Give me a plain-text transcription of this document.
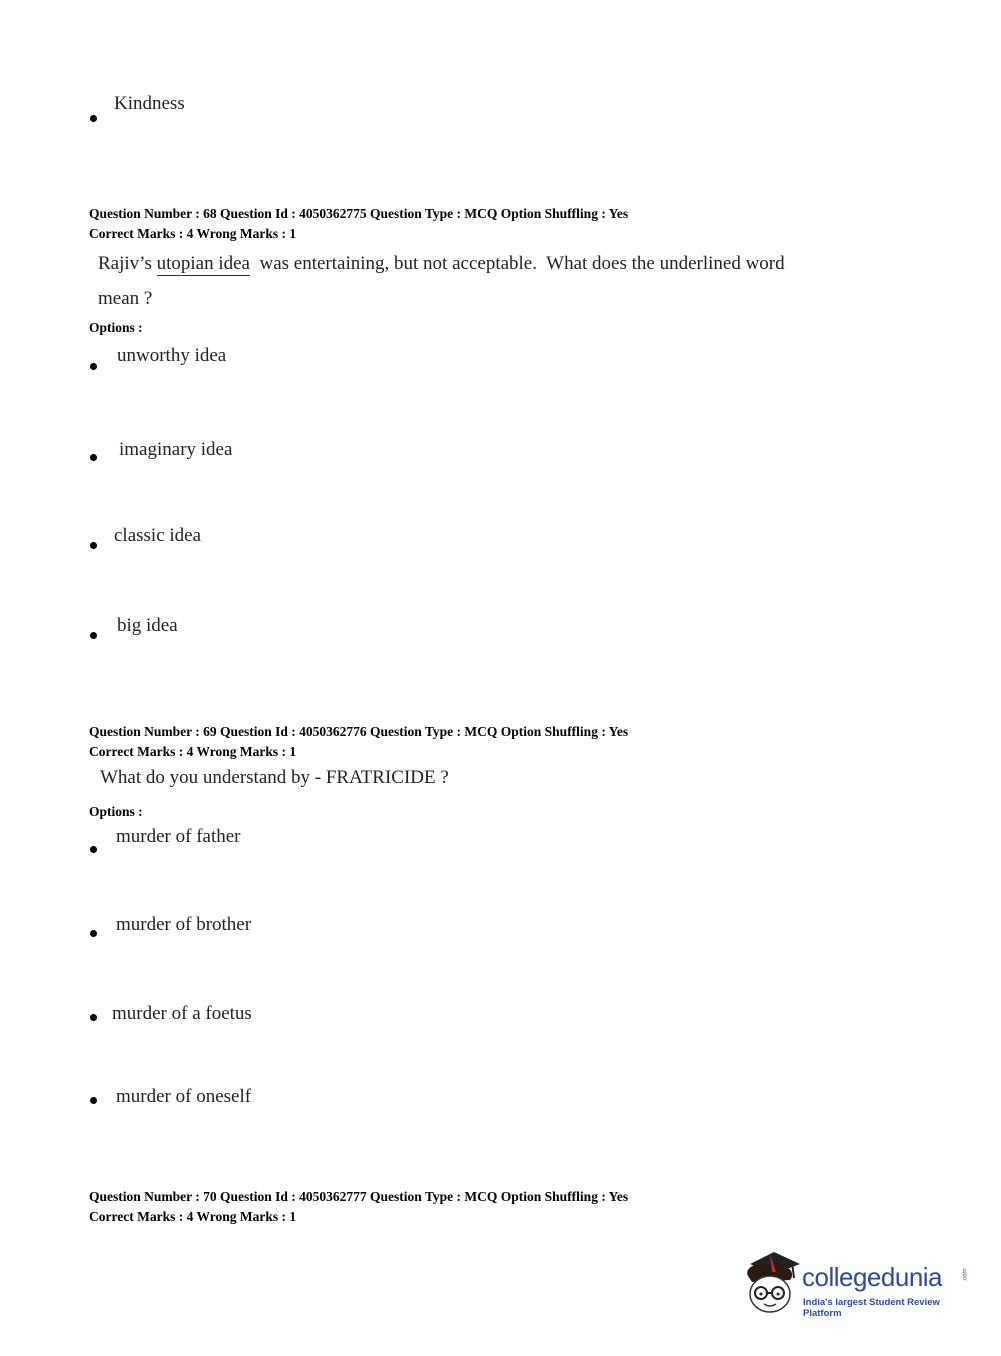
Kindness
Question Number : 68 Question Id : 4050362775 Question Type : MCQ Option Shuffling : Yes
Correct Marks : 4 Wrong Marks : 1
Rajiv’s utopian idea  was entertaining, but not acceptable.  What does the underlined word
mean ?
Options :
unworthy idea
imaginary idea
classic idea
big idea
Question Number : 69 Question Id : 4050362776 Question Type : MCQ Option Shuffling : Yes
Correct Marks : 4 Wrong Marks : 1
What do you understand by - FRATRICIDE ?
Options :
murder of father
murder of brother
murder of a foetus
murder of oneself
Question Number : 70 Question Id : 4050362777 Question Type : MCQ Option Shuffling : Yes
Correct Marks : 4 Wrong Marks : 1
collegedunia	.com
India's largest Student Review Platform
